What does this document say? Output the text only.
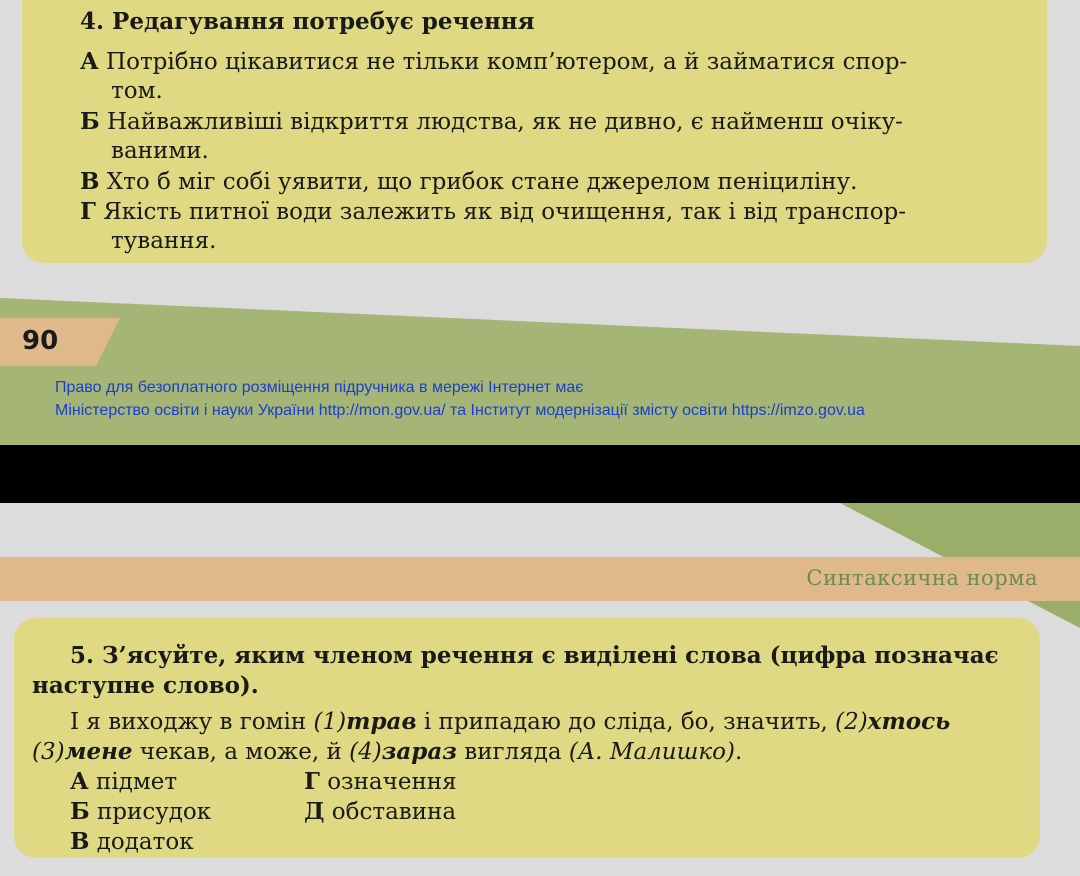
4. Редагування потребує речення
А Потрібно цікавитися не тільки комп’ютером, а й займатися спор-
том.
Б Найважливіші відкриття людства, як не дивно, є найменш очіку-
ваними.
В Хто б міг собі уявити, що грибок стане джерелом пеніциліну.
Г Якість питної води залежить як від очищення, так і від транспор-
тування.
90
Право для безоплатного розміщення підручника в мережі Інтернет має
Міністерство освіти і науки України http://mon.gov.ua/ та Інститут модернізації змісту освіти https://imzo.gov.ua
Синтаксична норма
5. З’ясуйте, яким членом речення є виділені слова (цифра позначає
наступне слово).
І я виходжу в гомін (1)трав і припадаю до сліда, бо, значить, (2)хтось
(3)мене чекав, а може, й (4)зараз вигляда (А. Малишко).
А підмет
Б присудок
В додаток
Г означення
Д обставина
